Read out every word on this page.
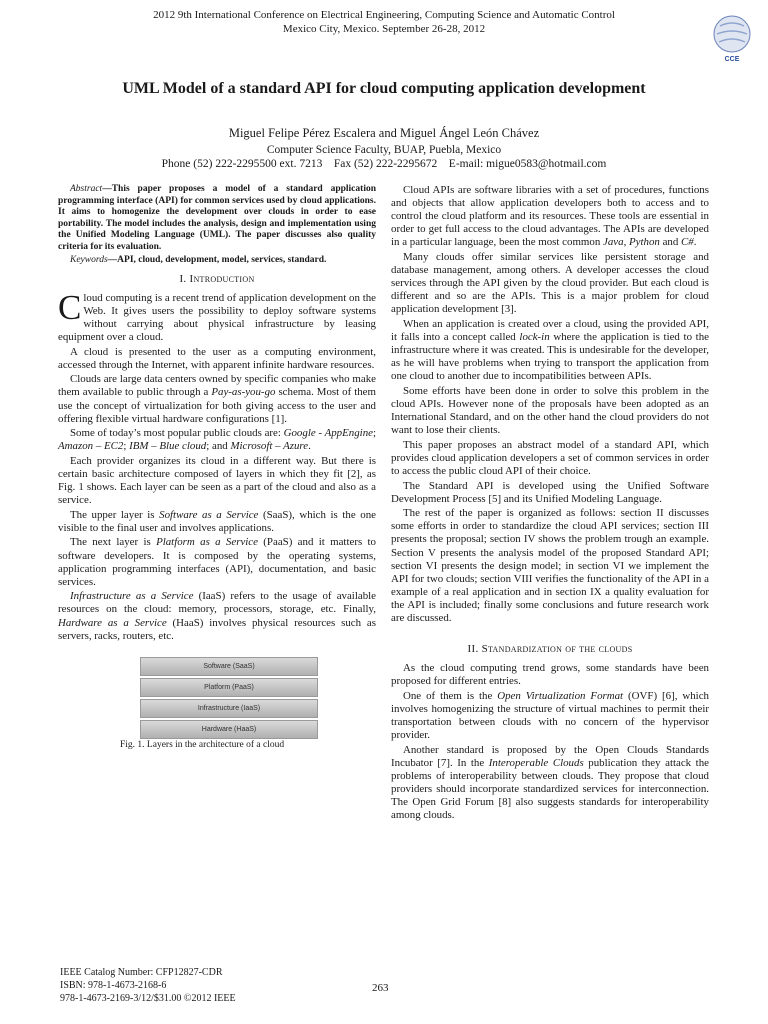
2012 9th International Conference on Electrical Engineering, Computing Science and Automatic Control
Mexico City, Mexico. September 26-28, 2012
CCE
UML Model of a standard API for cloud computing application development
Miguel Felipe Pérez Escalera and Miguel Ángel León Chávez
Computer Science Faculty, BUAP, Puebla, Mexico
Phone (52) 222-2295500 ext. 7213    Fax (52) 222-2295672    E-mail: migue0583@hotmail.com

Abstract—This paper proposes a model of a standard application programming interface (API) for common services used by cloud applications. It aims to homogenize the development over clouds in order to ease portability. The model includes the analysis, design and implementation using the Unified Modeling Language (UML). The paper discusses also quality criteria for its evaluation.

Keywords—API, cloud, development, model, services, standard.

I. Introduction

Cloud computing is a recent trend of application development on the Web. It gives users the possibility to deploy software systems without carrying about physical infrastructure by leasing equipment over a cloud.

A cloud is presented to the user as a computing environment, accessed through the Internet, with apparent infinite hardware resources.

Clouds are large data centers owned by specific companies who make them available to public through a Pay-as-you-go schema. Most of them use the concept of virtualization for both giving access to the user and offering flexible virtual hardware configurations [1].

Some of today’s most popular public clouds are: Google - AppEngine; Amazon – EC2; IBM – Blue cloud; and Microsoft – Azure.

Each provider organizes its cloud in a different way. But there is certain basic architecture composed of layers in which they fit [2], as Fig. 1 shows. Each layer can be seen as a part of the cloud and also as a service.

The upper layer is Software as a Service (SaaS), which is the one visible to the final user and involves applications.

The next layer is Platform as a Service (PaaS) and it matters to software developers. It is composed by the operating systems, application programming interfaces (API), documentation, and basic services.

Infrastructure as a Service (IaaS) refers to the usage of available resources on the cloud: memory, processors, storage, etc. Finally, Hardware as a Service (HaaS) involves physical resources such as servers, racks, routers, etc.

Software (SaaS)
Platform (PaaS)
Infrastructure (IaaS)
Hardware (HaaS)
Fig. 1. Layers in the architecture of a cloud

Cloud APIs are software libraries with a set of procedures, functions and objects that allow application developers both to access and to control the cloud platform and its resources. These tools are essential in order to get full access to the cloud advantages. The APIs are developed in a particular language, been the most common Java, Python and C#.

Many clouds offer similar services like persistent storage and database management, among others. A developer accesses the cloud services through the API given by the cloud provider. But each cloud is different and so are the APIs. This is a major problem for cloud application development [3].

When an application is created over a cloud, using the provided API, it falls into a concept called lock-in where the application is tied to the infrastructure where it was created. This is undesirable for the developer, as he will have problems when trying to transport the application from one cloud to another due to incompatibilities between APIs.

Some efforts have been done in order to solve this problem in the cloud APIs. However none of the proposals have been adopted as an International Standard, and on the other hand the cloud providers do not want to lose their clients.

This paper proposes an abstract model of a standard API, which provides cloud application developers a set of common services in order to access the public cloud API of their choice.

The Standard API is developed using the Unified Software Development Process [5] and its Unified Modeling Language.

The rest of the paper is organized as follows: section II discusses some efforts in order to standardize the cloud API services; section III presents the proposal; section IV shows the problem trough an example. Section V presents the analysis model of the proposed Standard API; section VI presents the design model; in section VI we implement the API for two clouds; section VIII verifies the functionality of the API in a example of a real application and in section IX a quality evaluation for the API is included; finally some conclusions and future research work are discussed.

II. Standardization of the clouds

As the cloud computing trend grows, some standards have been proposed for different entries.

One of them is the Open Virtualization Format (OVF) [6], which involves homogenizing the structure of virtual machines to permit their transportation between clouds with no concern of the hypervisor provider.

Another standard is proposed by the Open Clouds Standards Incubator [7]. In the Interoperable Clouds publication they attack the problems of interoperability between clouds. They propose that cloud providers should incorporate standardized services for interconnection. The Open Grid Forum [8] also suggests standards for interoperability among clouds.

IEEE Catalog Number: CFP12827-CDR
ISBN: 978-1-4673-2168-6
978-1-4673-2169-3/12/$31.00 ©2012 IEEE
263
